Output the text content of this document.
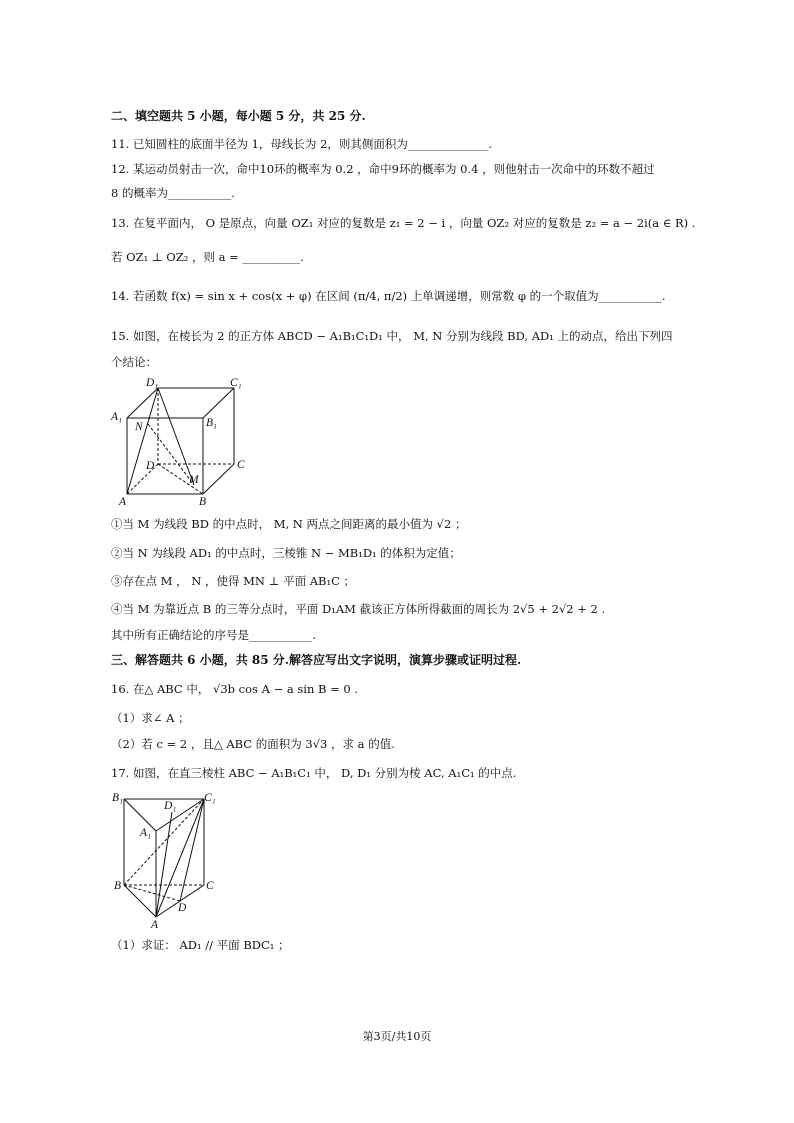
二、填空题共 5 小题，每小题 5 分，共 25 分.
11. 已知圆柱的底面半径为 1，母线长为 2，则其侧面积为______________.
12. 某运动员射击一次，命中10环的概率为 0.2 ，命中9环的概率为 0.4 ，则他射击一次命中的环数不超过
8 的概率为___________.
13. 在复平面内， O 是原点，向量 OZ₁ 对应的复数是 z₁ = 2 − i ，向量 OZ₂ 对应的复数是 z₂ = a − 2i(a ∈ R) .
若 OZ₁ ⊥ OZ₂ ，则 a = __________.
14. 若函数 f(x) = sin x + cos(x + φ) 在区间 (π/4, π/2) 上单调递增，则常数 φ 的一个取值为___________.
15. 如图，在棱长为 2 的正方体 ABCD − A₁B₁C₁D₁ 中， M, N 分别为线段 BD, AD₁ 上的动点，给出下列四
个结论：
D₁	C₁
A₁	B₁
N
D	C
M
A	B
①当 M 为线段 BD 的中点时， M, N 两点之间距离的最小值为 √2 ；
②当 N 为线段 AD₁ 的中点时，三棱锥 N − MB₁D₁ 的体积为定值；
③存在点 M ， N ，使得 MN ⊥ 平面 AB₁C ；
④当 M 为靠近点 B 的三等分点时，平面 D₁AM 截该正方体所得截面的周长为 2√5 + 2√2 + 2 .
其中所有正确结论的序号是___________.
三、解答题共 6 小题，共 85 分.解答应写出文字说明，演算步骤或证明过程.
16. 在△ ABC 中， √3b cos A − a sin B = 0 .
（1）求∠ A ；
（2）若 c = 2 ，且△ ABC 的面积为 3√3 ，求 a 的值.
17. 如图，在直三棱柱 ABC − A₁B₁C₁ 中， D, D₁ 分别为棱 AC, A₁C₁ 的中点.
B₁
D₁
C₁
A₁
B	C
D
A
（1）求证： AD₁ // 平面 BDC₁ ；
第3页/共10页
